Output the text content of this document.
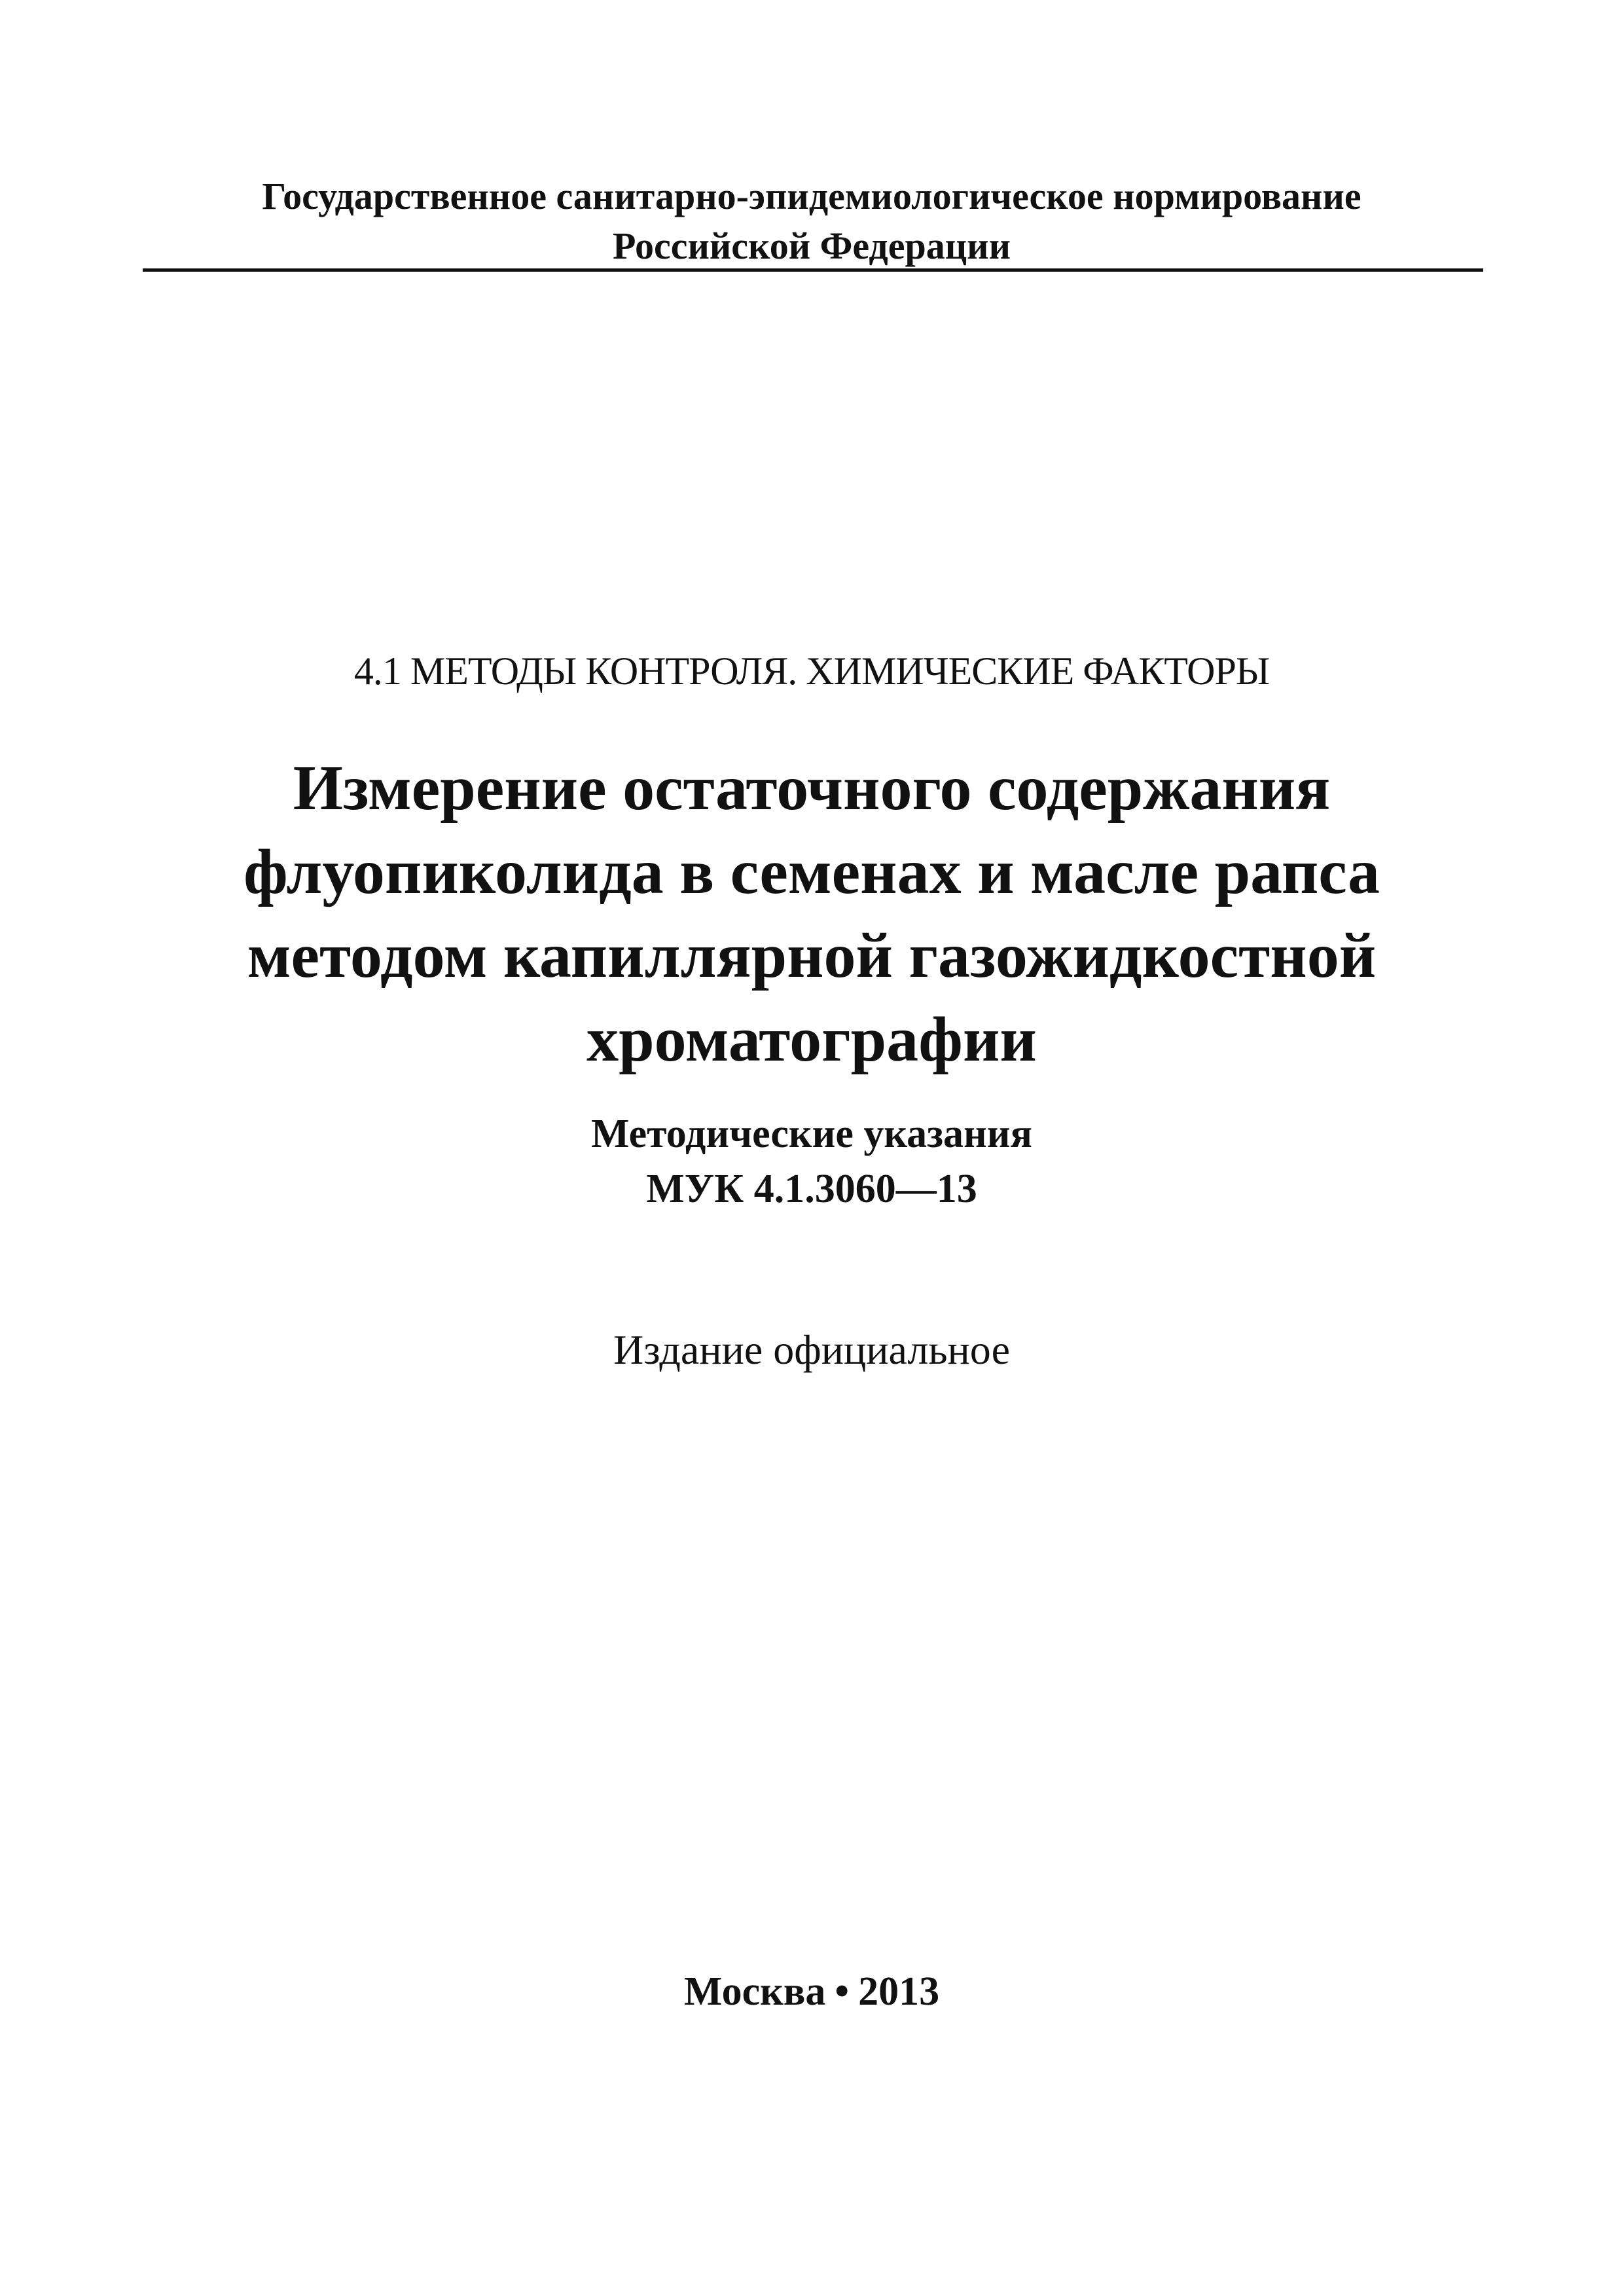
Государственное санитарно-эпидемиологическое нормирование
Российской Федерации
4.1 МЕТОДЫ КОНТРОЛЯ. ХИМИЧЕСКИЕ ФАКТОРЫ
Измерение остаточного содержания
флуопиколида в семенах и масле рапса
методом капиллярной газожидкостной
хроматографии
Методические указания
МУК 4.1.3060—13
Издание официальное
Москва • 2013
